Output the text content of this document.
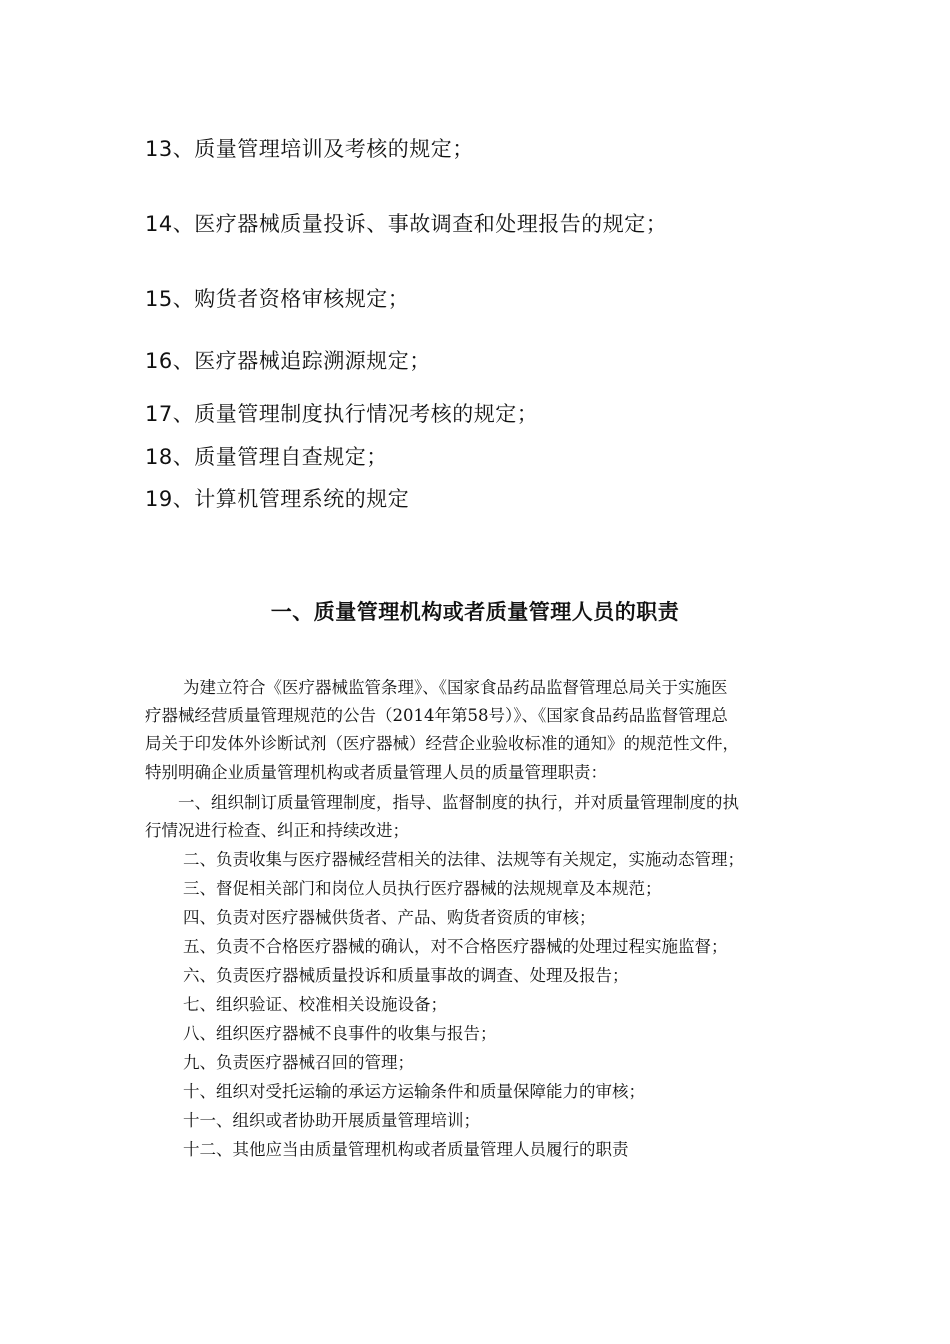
13、质量管理培训及考核的规定；
14、医疗器械质量投诉、事故调查和处理报告的规定；
15、购货者资格审核规定；
16、医疗器械追踪溯源规定；
17、质量管理制度执行情况考核的规定；
18、质量管理自查规定；
19、计算机管理系统的规定
一、质量管理机构或者质量管理人员的职责
为建立符合《医疗器械监管条理》、《国家食品药品监督管理总局关于实施医
疗器械经营质量管理规范的公告（2014年第58号）》、《国家食品药品监督管理总
局关于印发体外诊断试剂（医疗器械）经营企业验收标准的通知》的规范性文件，
特别明确企业质量管理机构或者质量管理人员的质量管理职责：
一、组织制订质量管理制度，指导、监督制度的执行，并对质量管理制度的执
行情况进行检查、纠正和持续改进；
二、负责收集与医疗器械经营相关的法律、法规等有关规定，实施动态管理；
三、督促相关部门和岗位人员执行医疗器械的法规规章及本规范；
四、负责对医疗器械供货者、产品、购货者资质的审核；
五、负责不合格医疗器械的确认，对不合格医疗器械的处理过程实施监督；
六、负责医疗器械质量投诉和质量事故的调查、处理及报告；
七、组织验证、校准相关设施设备；
八、组织医疗器械不良事件的收集与报告；
九、负责医疗器械召回的管理；
十、组织对受托运输的承运方运输条件和质量保障能力的审核；
十一、组织或者协助开展质量管理培训；
十二、其他应当由质量管理机构或者质量管理人员履行的职责
